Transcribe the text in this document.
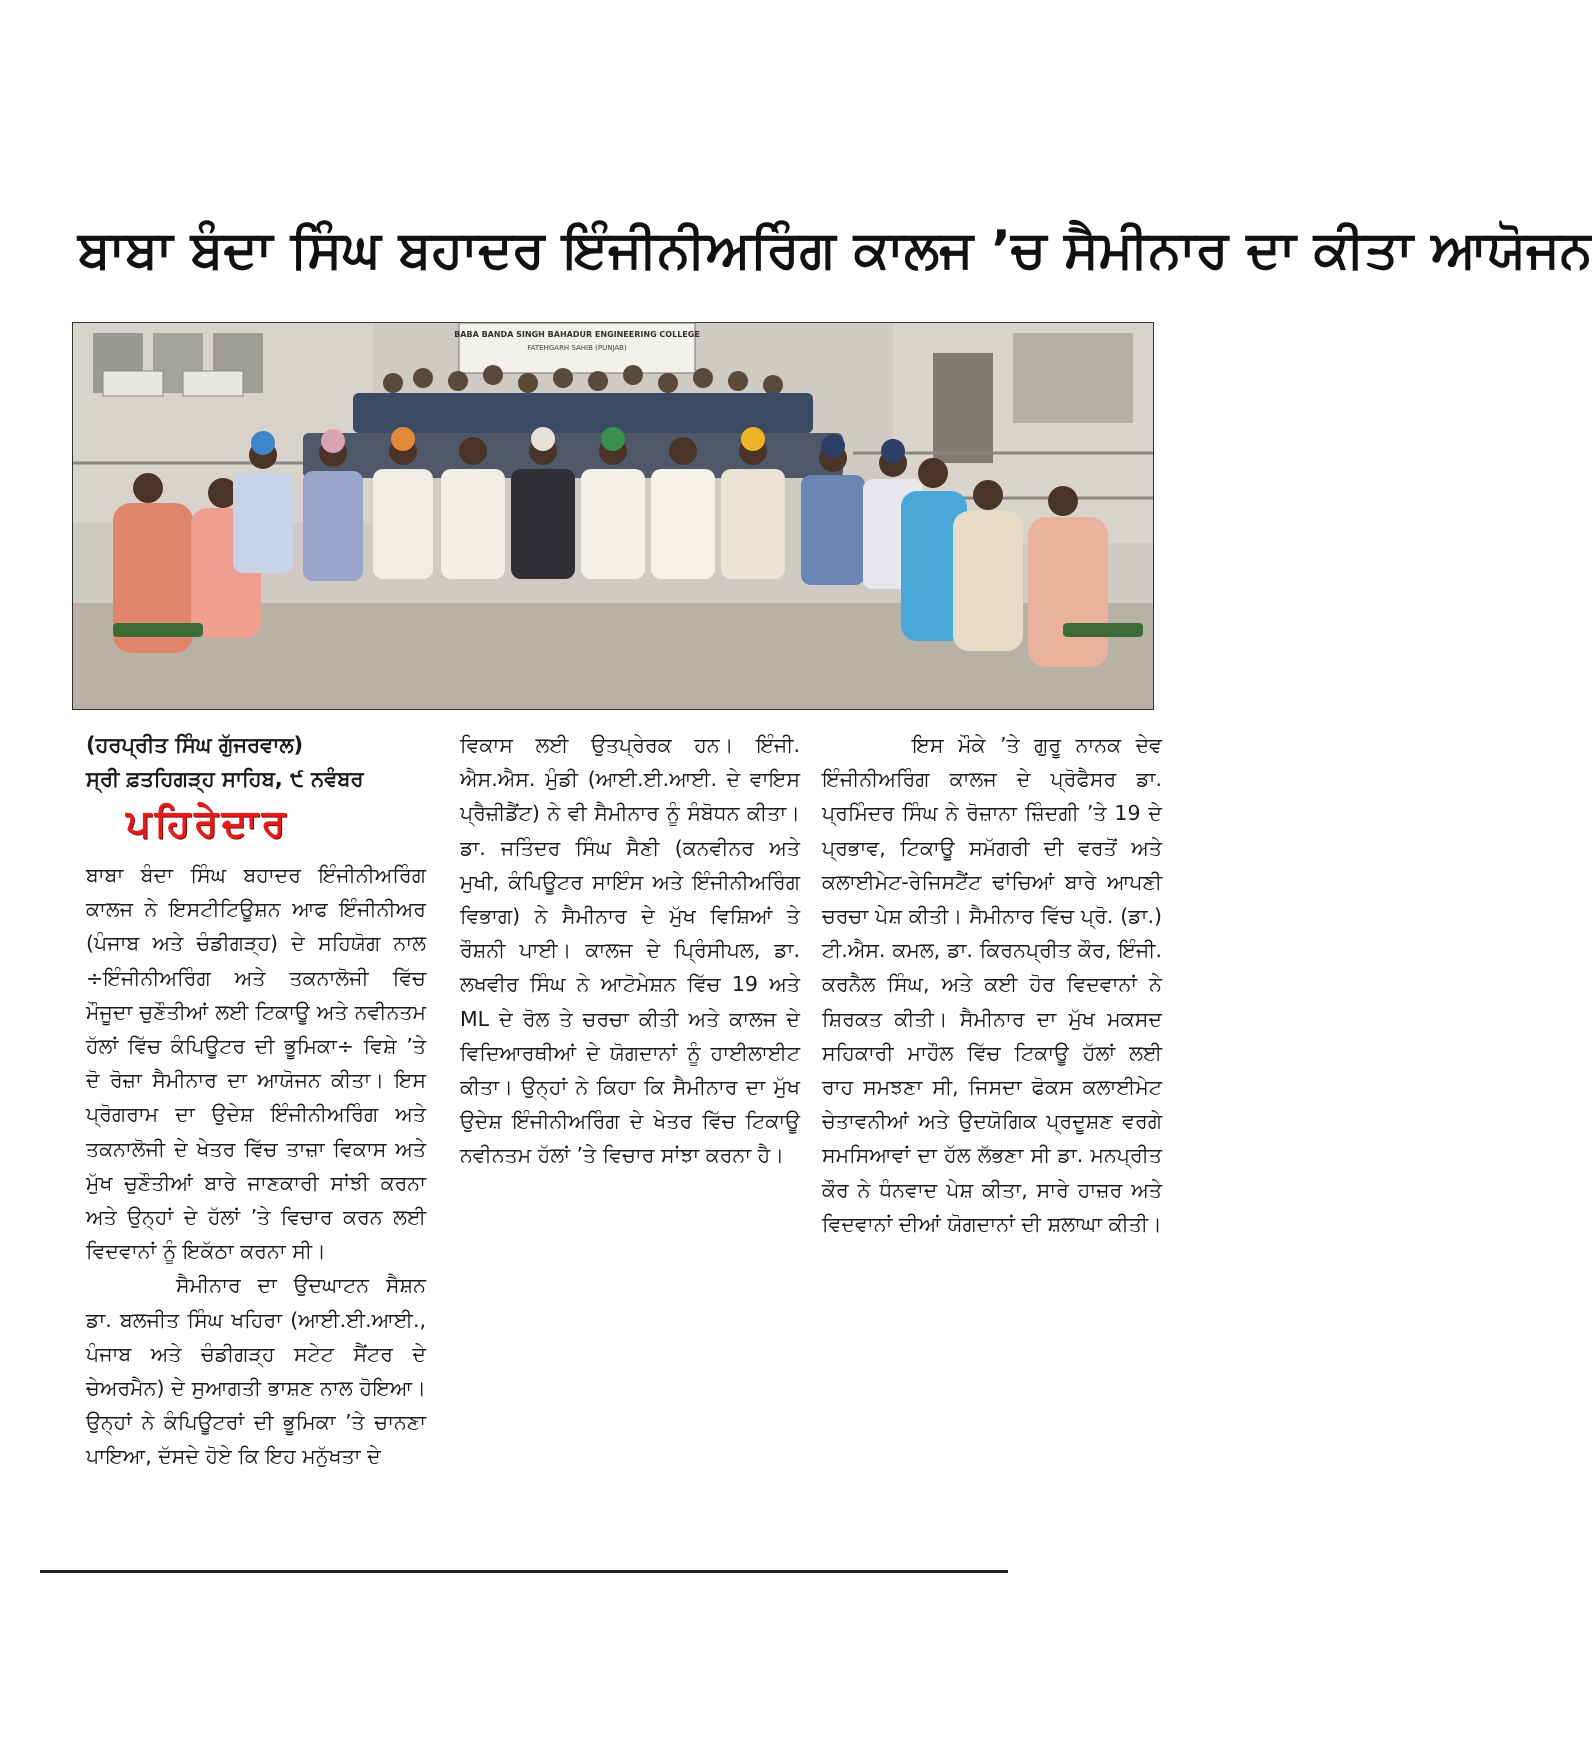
ਬਾਬਾ ਬੰਦਾ ਸਿੰਘ ਬਹਾਦਰ ਇੰਜੀਨੀਅਰਿੰਗ ਕਾਲਜ ’ਚ ਸੈਮੀਨਾਰ ਦਾ ਕੀਤਾ ਆਯੋਜਨ
BABA BANDA SINGH BAHADUR ENGINEERING COLLEGE
FATEHGARH SAHIB (PUNJAB)

(ਹਰਪ੍ਰੀਤ ਸਿੰਘ ਗੁੱਜਰਵਾਲ)

ਸ੍ਰੀ ਫ਼ਤਹਿਗੜ੍ਹ ਸਾਹਿਬ, ੯ ਨਵੰਬਰ

ਪਹਿਰੇਦਾਰ

ਬਾਬਾ ਬੰਦਾ ਸਿੰਘ ਬਹਾਦਰ ਇੰਜੀਨੀਅਰਿੰਗ ਕਾਲਜ ਨੇ ਇਸਟੀਟਿਊਸ਼ਨ ਆਫ ਇੰਜੀਨੀਅਰ (ਪੰਜਾਬ ਅਤੇ ਚੰਡੀਗੜ੍ਹ) ਦੇ ਸਹਿਯੋਗ ਨਾਲ ÷ਇੰਜੀਨੀਅਰਿੰਗ ਅਤੇ ਤਕਨਾਲੋਜੀ ਵਿੱਚ ਮੌਜੂਦਾ ਚੁਣੌਤੀਆਂ ਲਈ ਟਿਕਾਊ ਅਤੇ ਨਵੀਨਤਮ ਹੱਲਾਂ ਵਿੱਚ ਕੰਪਿਊਟਰ ਦੀ ਭੂਮਿਕਾ÷ ਵਿਸ਼ੇ ’ਤੇ ਦੋ ਰੋਜ਼ਾ ਸੈਮੀਨਾਰ ਦਾ ਆਯੋਜਨ ਕੀਤਾ। ਇਸ ਪ੍ਰੋਗਰਾਮ ਦਾ ਉਦੇਸ਼ ਇੰਜੀਨੀਅਰਿੰਗ ਅਤੇ ਤਕਨਾਲੋਜੀ ਦੇ ਖੇਤਰ ਵਿੱਚ ਤਾਜ਼ਾ ਵਿਕਾਸ ਅਤੇ ਮੁੱਖ ਚੁਣੌਤੀਆਂ ਬਾਰੇ ਜਾਣਕਾਰੀ ਸਾਂਝੀ ਕਰਨਾ ਅਤੇ ਉਨ੍ਹਾਂ ਦੇ ਹੱਲਾਂ ’ਤੇ ਵਿਚਾਰ ਕਰਨ ਲਈ ਵਿਦਵਾਨਾਂ ਨੂੰ ਇਕੱਠਾ ਕਰਨਾ ਸੀ।

ਸੈਮੀਨਾਰ ਦਾ ਉਦਘਾਟਨ ਸੈਸ਼ਨ ਡਾ. ਬਲਜੀਤ ਸਿੰਘ ਖਹਿਰਾ (ਆਈ.ਈ.ਆਈ., ਪੰਜਾਬ ਅਤੇ ਚੰਡੀਗੜ੍ਹ ਸਟੇਟ ਸੈਂਟਰ ਦੇ ਚੇਅਰਮੈਨ) ਦੇ ਸੁਆਗਤੀ ਭਾਸ਼ਣ ਨਾਲ ਹੋਇਆ। ਉਨ੍ਹਾਂ ਨੇ ਕੰਪਿਊਟਰਾਂ ਦੀ ਭੂਮਿਕਾ ’ਤੇ ਚਾਨਣਾ ਪਾਇਆ, ਦੱਸਦੇ ਹੋਏ ਕਿ ਇਹ ਮਨੁੱਖਤਾ ਦੇ

ਵਿਕਾਸ ਲਈ ਉਤਪ੍ਰੇਰਕ ਹਨ। ਇੰਜੀ. ਐਸ.ਐਸ. ਮੁੰਡੀ (ਆਈ.ਈ.ਆਈ. ਦੇ ਵਾਇਸ ਪ੍ਰੈਜ਼ੀਡੈਂਟ) ਨੇ ਵੀ ਸੈਮੀਨਾਰ ਨੂੰ ਸੰਬੋਧਨ ਕੀਤਾ। ਡਾ. ਜਤਿੰਦਰ ਸਿੰਘ ਸੈਣੀ (ਕਨਵੀਨਰ ਅਤੇ ਮੁਖੀ, ਕੰਪਿਊਟਰ ਸਾਇੰਸ ਅਤੇ ਇੰਜੀਨੀਅਰਿੰਗ ਵਿਭਾਗ) ਨੇ ਸੈਮੀਨਾਰ ਦੇ ਮੁੱਖ ਵਿਸ਼ਿਆਂ ਤੇ ਰੌਸ਼ਨੀ ਪਾਈ। ਕਾਲਜ ਦੇ ਪ੍ਰਿੰਸੀਪਲ, ਡਾ. ਲਖਵੀਰ ਸਿੰਘ ਨੇ ਆਟੋਮੇਸ਼ਨ ਵਿੱਚ 19 ਅਤੇ ML ਦੇ ਰੋਲ ਤੇ ਚਰਚਾ ਕੀਤੀ ਅਤੇ ਕਾਲਜ ਦੇ ਵਿਦਿਆਰਥੀਆਂ ਦੇ ਯੋਗਦਾਨਾਂ ਨੂੰ ਹਾਈਲਾਈਟ ਕੀਤਾ। ਉਨ੍ਹਾਂ ਨੇ ਕਿਹਾ ਕਿ ਸੈਮੀਨਾਰ ਦਾ ਮੁੱਖ ਉਦੇਸ਼ ਇੰਜੀਨੀਅਰਿੰਗ ਦੇ ਖੇਤਰ ਵਿੱਚ ਟਿਕਾਊ ਨਵੀਨਤਮ ਹੱਲਾਂ ’ਤੇ ਵਿਚਾਰ ਸਾਂਝਾ ਕਰਨਾ ਹੈ।

ਇਸ ਮੌਕੇ ’ਤੇ ਗੁਰੂ ਨਾਨਕ ਦੇਵ ਇੰਜੀਨੀਅਰਿੰਗ ਕਾਲਜ ਦੇ ਪ੍ਰੋਫੈਸਰ ਡਾ. ਪ੍ਰਮਿੰਦਰ ਸਿੰਘ ਨੇ ਰੋਜ਼ਾਨਾ ਜ਼ਿੰਦਗੀ ’ਤੇ 19 ਦੇ ਪ੍ਰਭਾਵ, ਟਿਕਾਊ ਸਮੱਗਰੀ ਦੀ ਵਰਤੋਂ ਅਤੇ ਕਲਾਈਮੇਟ-ਰੇਜਿਸਟੈਂਟ ਢਾਂਚਿਆਂ ਬਾਰੇ ਆਪਣੀ ਚਰਚਾ ਪੇਸ਼ ਕੀਤੀ। ਸੈਮੀਨਾਰ ਵਿੱਚ ਪ੍ਰੋ. (ਡਾ.) ਟੀ.ਐਸ. ਕਮਲ, ਡਾ. ਕਿਰਨਪ੍ਰੀਤ ਕੌਰ, ਇੰਜੀ. ਕਰਨੈਲ ਸਿੰਘ, ਅਤੇ ਕਈ ਹੋਰ ਵਿਦਵਾਨਾਂ ਨੇ ਸ਼ਿਰਕਤ ਕੀਤੀ। ਸੈਮੀਨਾਰ ਦਾ ਮੁੱਖ ਮਕਸਦ ਸਹਿਕਾਰੀ ਮਾਹੌਲ ਵਿੱਚ ਟਿਕਾਊ ਹੱਲਾਂ ਲਈ ਰਾਹ ਸਮਝਣਾ ਸੀ, ਜਿਸਦਾ ਫੋਕਸ ਕਲਾਈਮੇਟ ਚੇਤਾਵਨੀਆਂ ਅਤੇ ਉਦਯੋਗਿਕ ਪ੍ਰਦੂਸ਼ਣ ਵਰਗੇ ਸਮਸਿਆਵਾਂ ਦਾ ਹੱਲ ਲੱਭਣਾ ਸੀ ਡਾ. ਮਨਪ੍ਰੀਤ ਕੌਰ ਨੇ ਧੰਨਵਾਦ ਪੇਸ਼ ਕੀਤਾ, ਸਾਰੇ ਹਾਜ਼ਰ ਅਤੇ ਵਿਦਵਾਨਾਂ ਦੀਆਂ ਯੋਗਦਾਨਾਂ ਦੀ ਸ਼ਲਾਘਾ ਕੀਤੀ।
